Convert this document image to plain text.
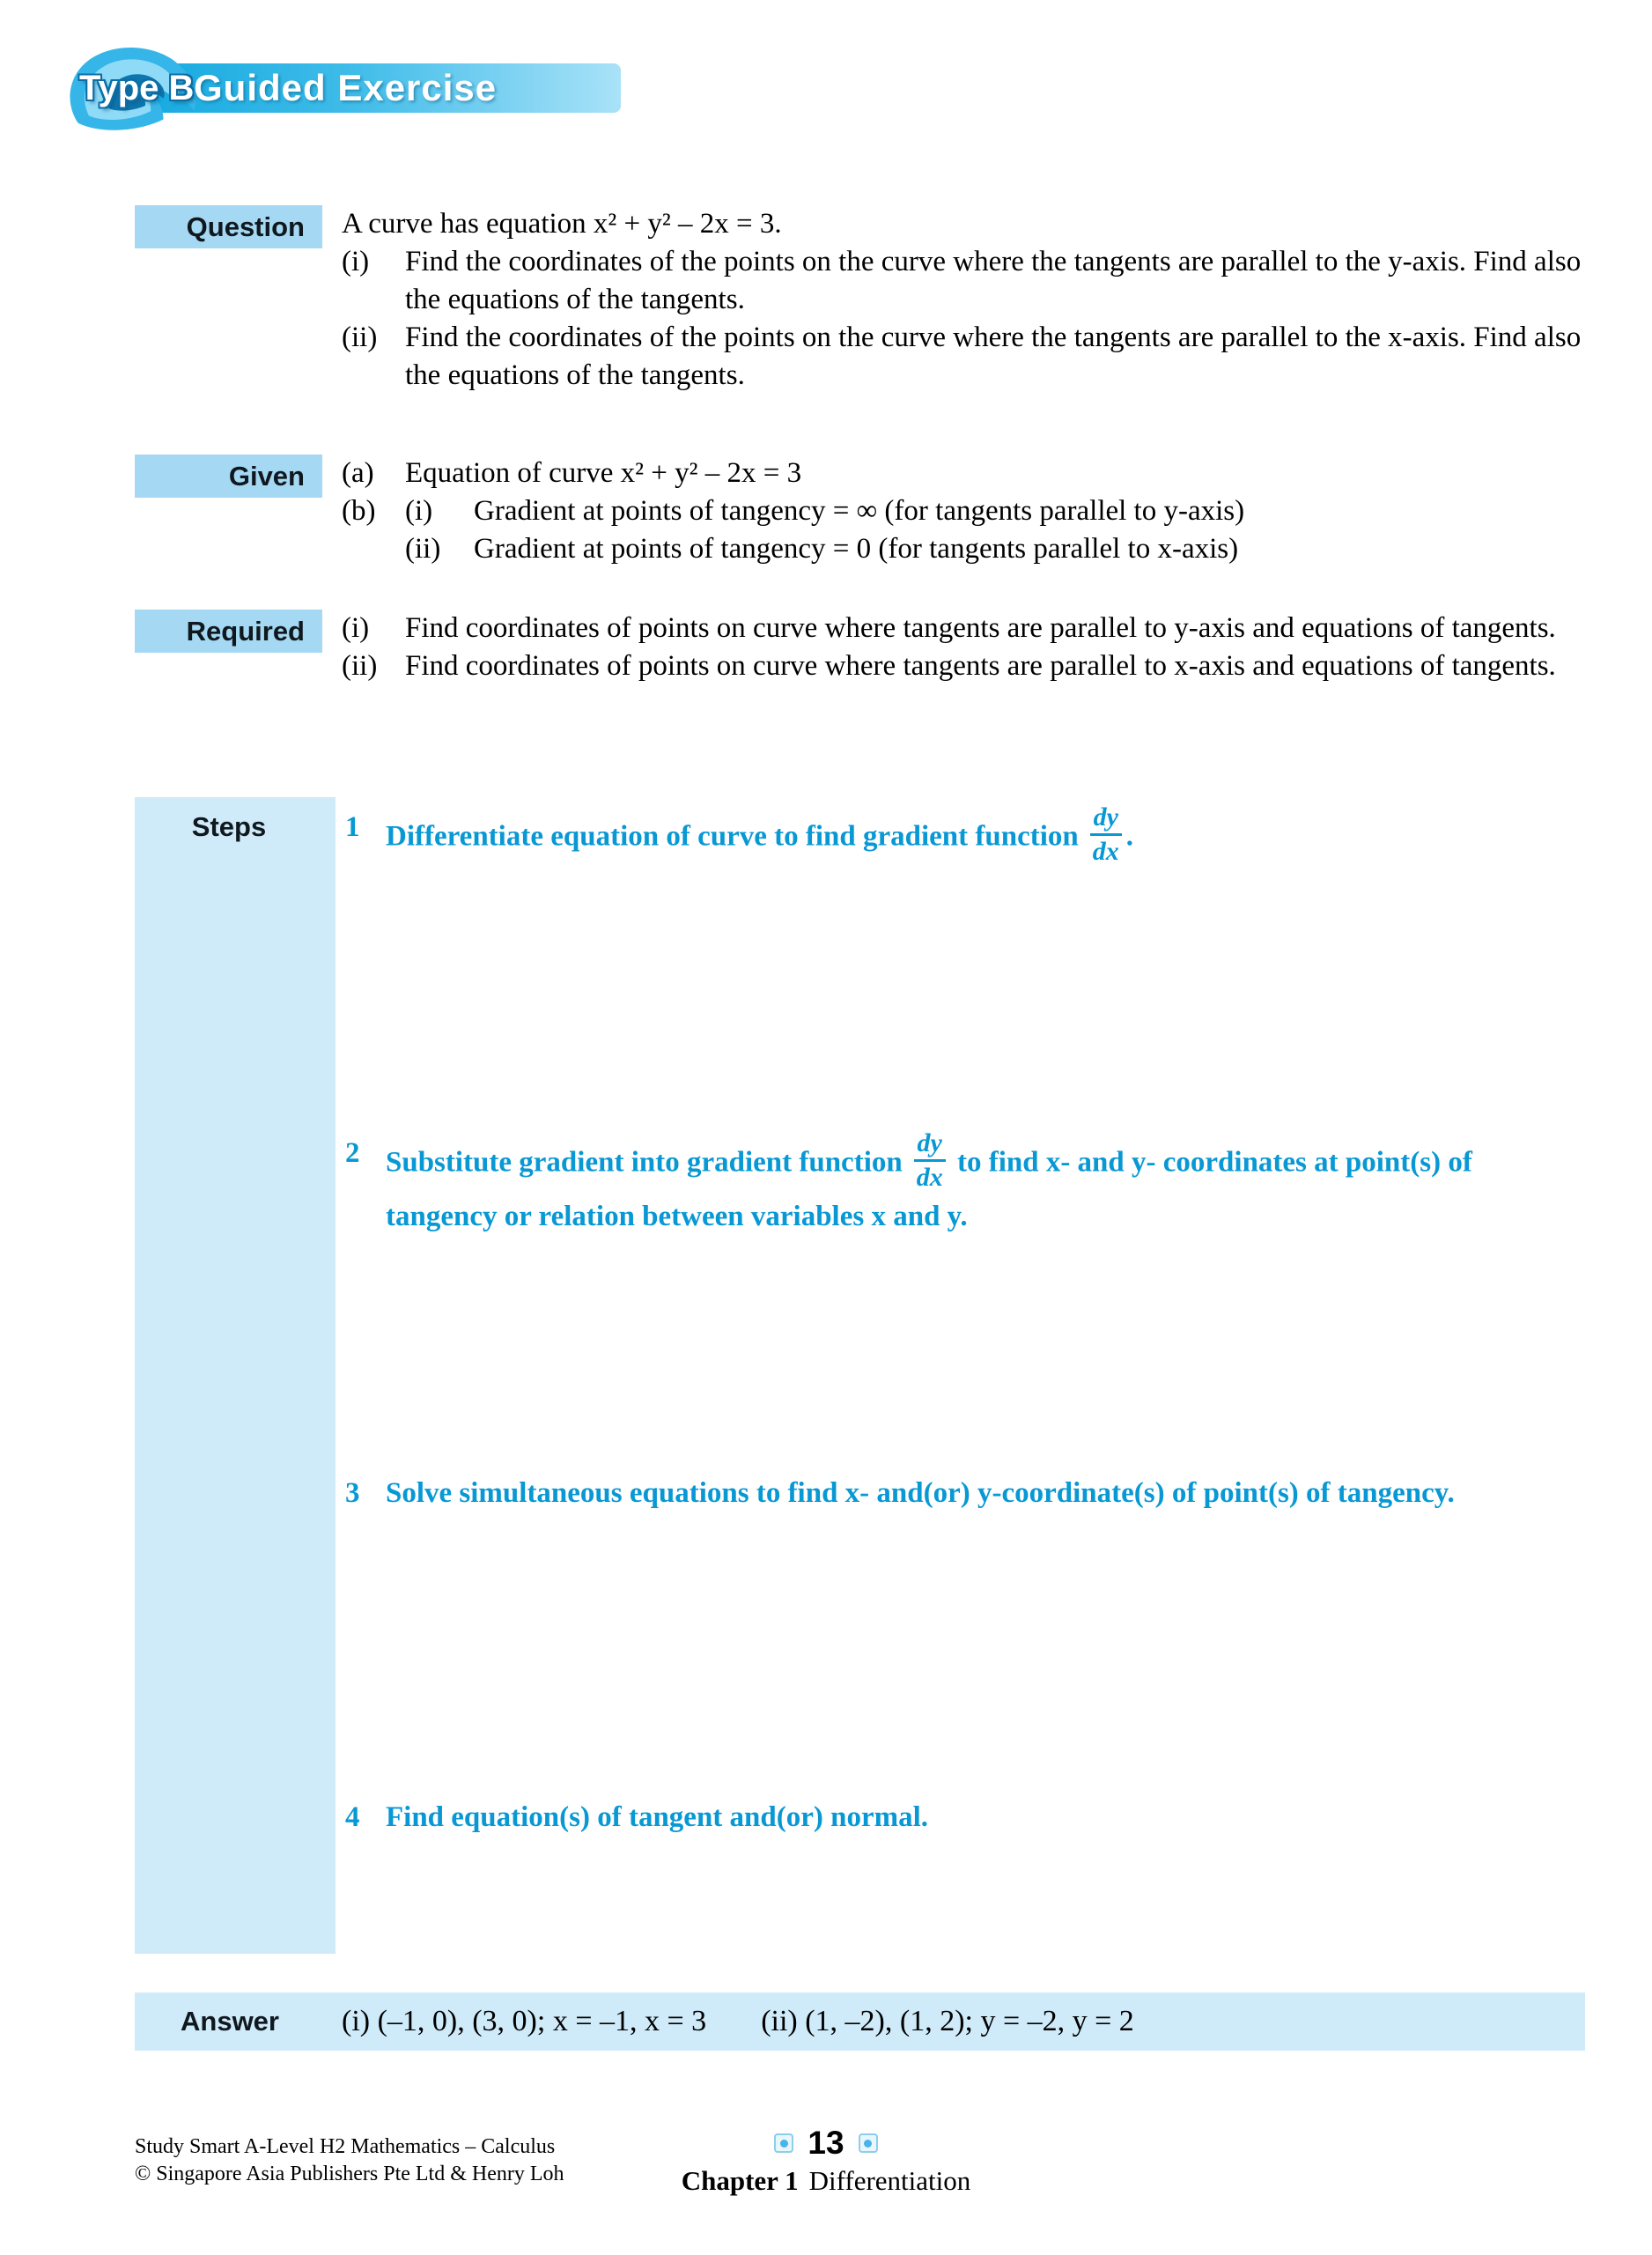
Guided Exercise
Type B
Question	A curve has equation x² + y² – 2x = 3.
(i)	Find the coordinates of the points on the curve where the tangents are parallel to the y-axis. Find also the equations of the tangents.
(ii) Find the coordinates of the points on the curve where the tangents are parallel to the x-axis. Find also the equations of the tangents.
Given	(a)	Equation of curve x² + y² – 2x = 3
(b)	(i)	Gradient at points of tangency = ∞ (for tangents parallel to y-axis)
(ii)	Gradient at points of tangency = 0 (for tangents parallel to x-axis)
Required	(i)	Find coordinates of points on curve where tangents are parallel to y-axis and equations of tangents.
(ii) Find coordinates of points on curve where tangents are parallel to x-axis and equations of tangents.
Steps	1 Differentiate equation of curve to find gradient function $\frac{dy}{dx}$ .
2 Substitute gradient into gradient function $\frac{dy}{dx}$ to find x- and y- coordinates at point(s) of tangency or relation between variables x and y.
3 Solve simultaneous equations to find x- and(or) y-coordinate(s) of point(s) of tangency.
4 Find equation(s) of tangent and(or) normal.
Answer	(i) (–1, 0), (3, 0); x = –1, x = 3 (ii) (1, –2), (1, 2); y = –2, y = 2
Study Smart A-Level H2 Mathematics – Calculus
© Singapore Asia Publishers Pte Ltd & Henry Loh
13
Chapter 1 Differentiation
